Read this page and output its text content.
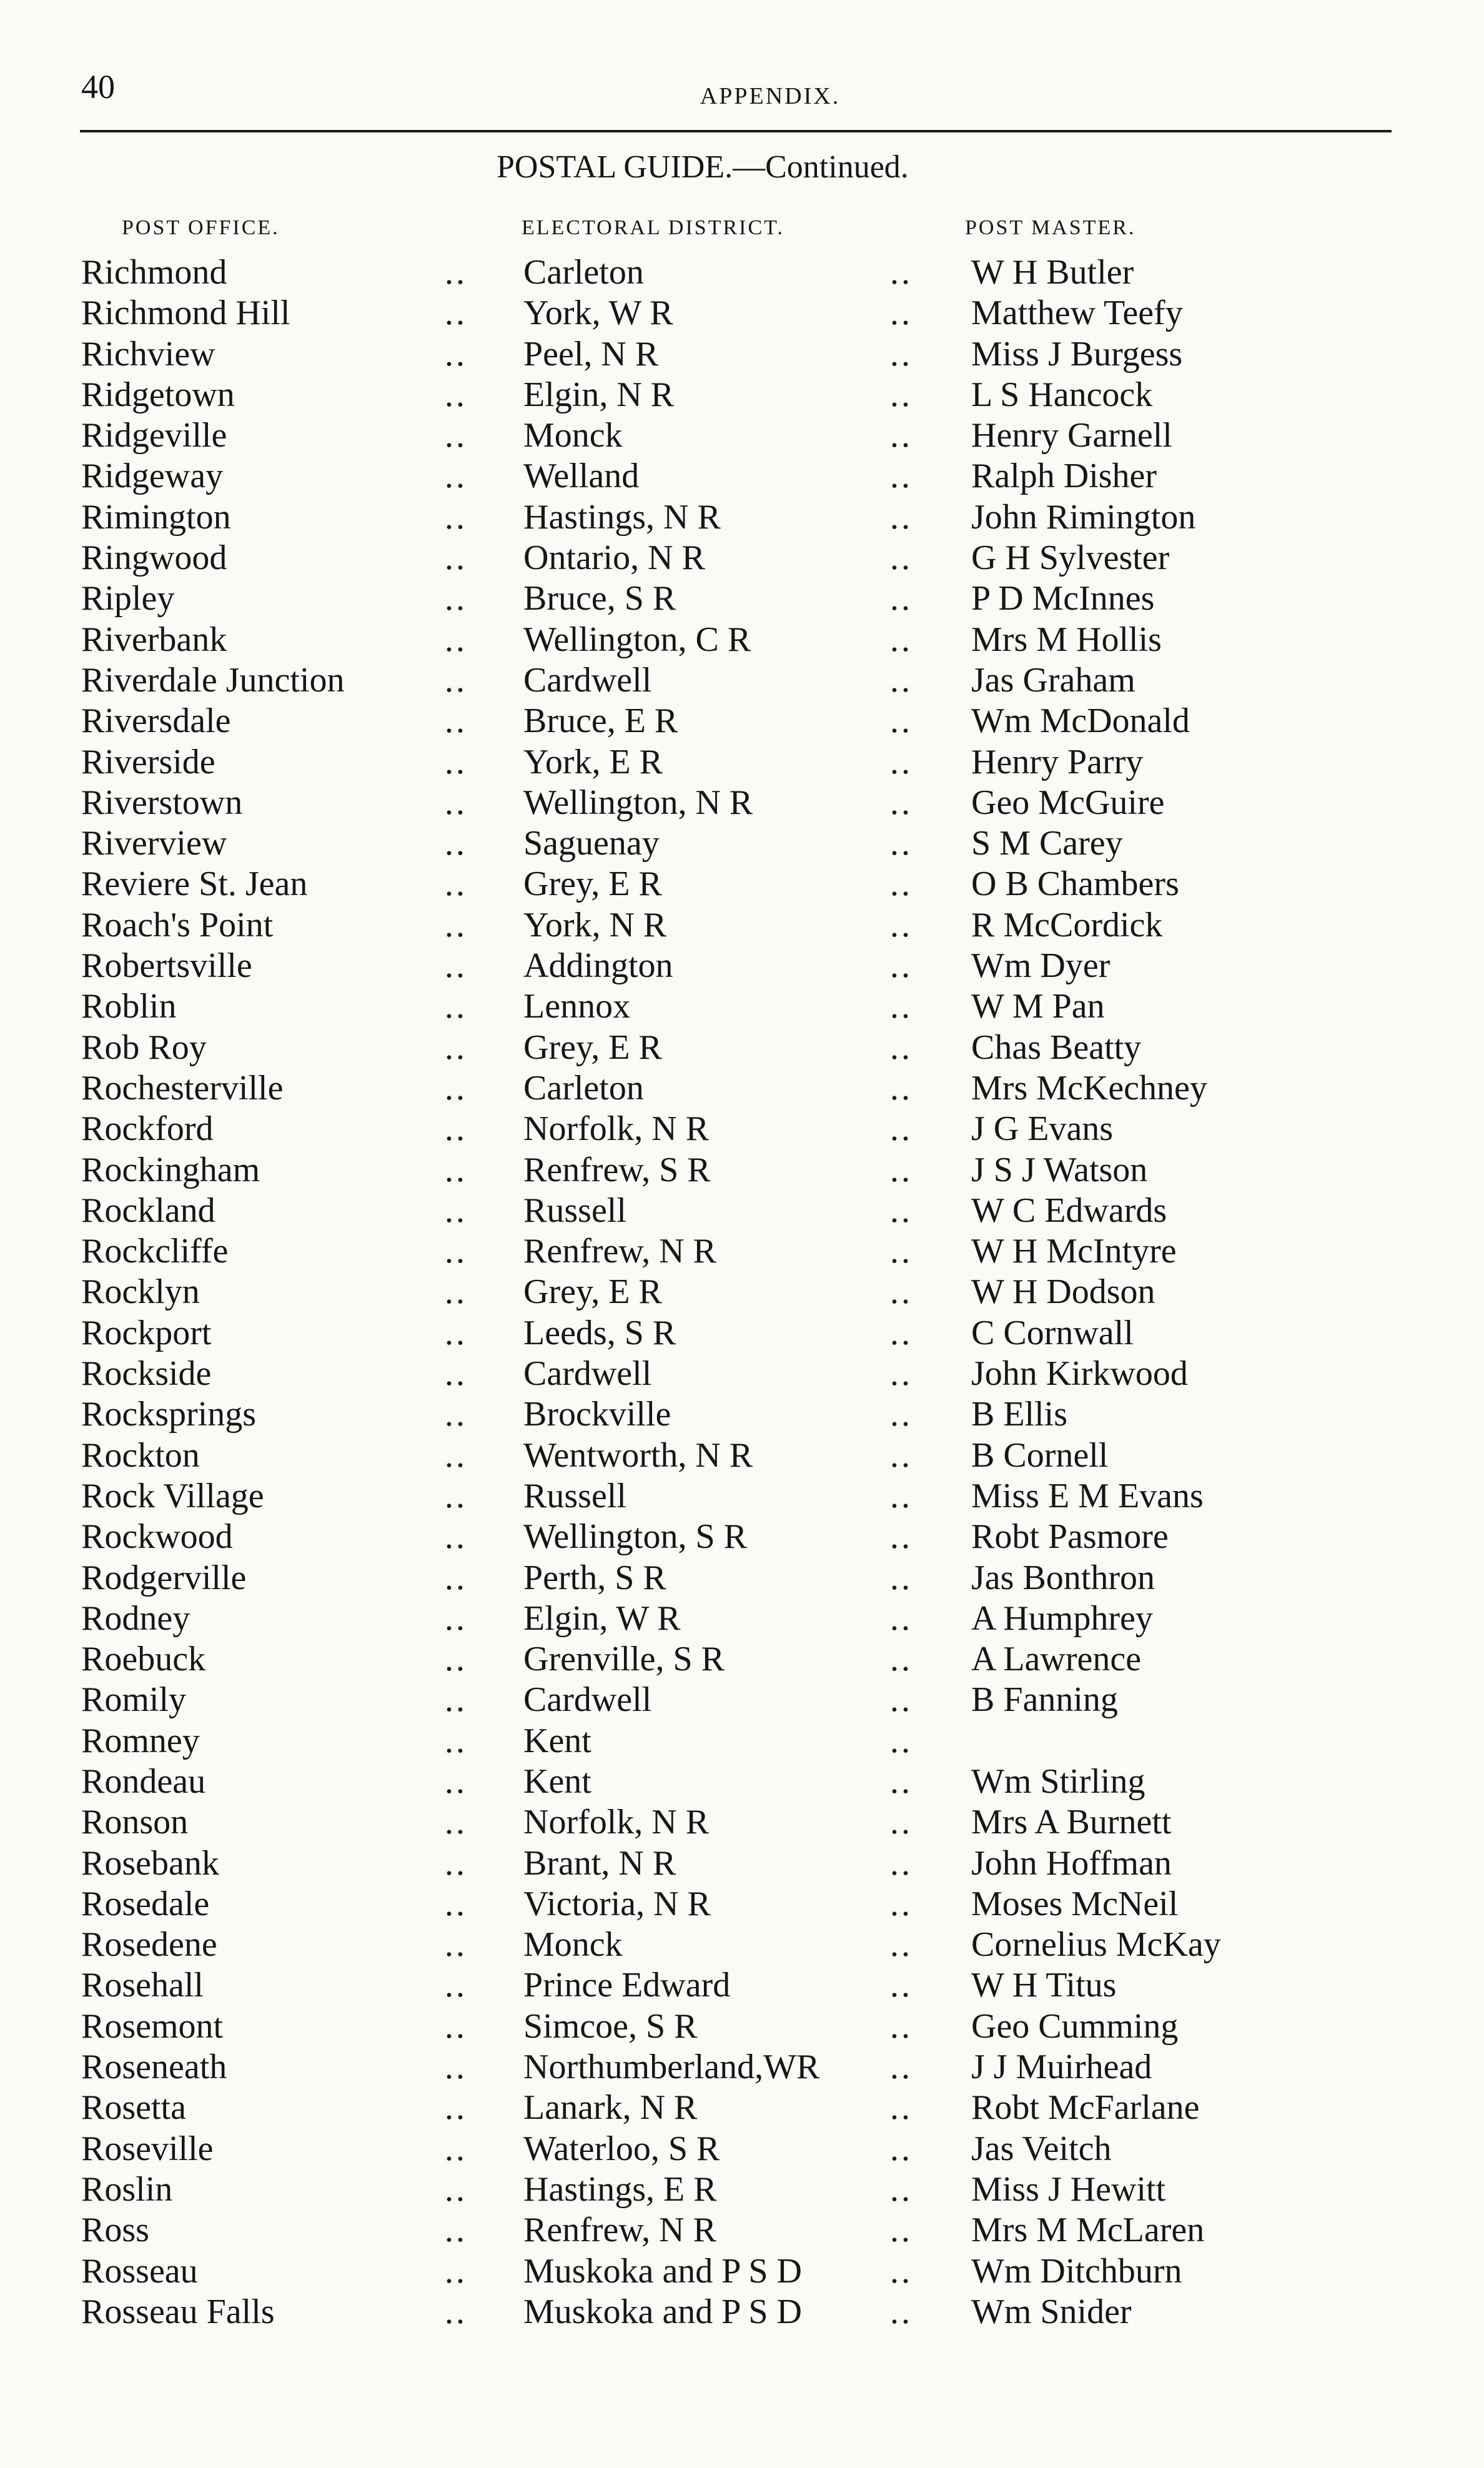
40	APPENDIX.
POSTAL GUIDE.—Continued.
POST OFFICE.	ELECTORAL DISTRICT.	POST MASTER.
Richmond	.. Carleton	.. W H Butler
Richmond Hill	.. York, W R	.. Matthew Teefy
Richview	.. Peel, N R	.. Miss J Burgess
Ridgetown	.. Elgin, N R	.. L S Hancock
Ridgeville	.. Monck	.. Henry Garnell
Ridgeway	.. Welland	.. Ralph Disher
Rimington	.. Hastings, N R	.. John Rimington
Ringwood	.. Ontario, N R	.. G H Sylvester
Ripley	.. Bruce, S R	.. P D McInnes
Riverbank	.. Wellington, C R	.. Mrs M Hollis
Riverdale Junction	.. Cardwell	.. Jas Graham
Riversdale	.. Bruce, E R	.. Wm McDonald
Riverside	.. York, E R	.. Henry Parry
Riverstown	.. Wellington, N R	.. Geo McGuire
Riverview	.. Saguenay	.. S M Carey
Reviere St. Jean	.. Grey, E R	.. O B Chambers
Roach's Point	.. York, N R	.. R McCordick
Robertsville	.. Addington	.. Wm Dyer
Roblin	.. Lennox	.. W M Pan
Rob Roy	.. Grey, E R	.. Chas Beatty
Rochesterville	.. Carleton	.. Mrs McKechney
Rockford	.. Norfolk, N R	.. J G Evans
Rockingham	.. Renfrew, S R	.. J S J Watson
Rockland	.. Russell	.. W C Edwards
Rockcliffe	.. Renfrew, N R	.. W H McIntyre
Rocklyn	.. Grey, E R	.. W H Dodson
Rockport	.. Leeds, S R	.. C Cornwall
Rockside	.. Cardwell	.. John Kirkwood
Rocksprings	.. Brockville	.. B Ellis
Rockton	.. Wentworth, N R	.. B Cornell
Rock Village	.. Russell	.. Miss E M Evans
Rockwood	.. Wellington, S R	.. Robt Pasmore
Rodgerville	.. Perth, S R	.. Jas Bonthron
Rodney	.. Elgin, W R	.. A Humphrey
Roebuck	.. Grenville, S R	.. A Lawrence
Romily	.. Cardwell	.. B Fanning
Romney	.. Kent	..
Rondeau	.. Kent	.. Wm Stirling
Ronson	.. Norfolk, N R	.. Mrs A Burnett
Rosebank	.. Brant, N R	.. John Hoffman
Rosedale	.. Victoria, N R	.. Moses McNeil
Rosedene	.. Monck	.. Cornelius McKay
Rosehall	.. Prince Edward	.. W H Titus
Rosemont	.. Simcoe, S R	.. Geo Cumming
Roseneath	.. Northumberland,WR .. J J Muirhead
Rosetta	.. Lanark, N R	.. Robt McFarlane
Roseville	.. Waterloo, S R	.. Jas Veitch
Roslin	.. Hastings, E R	.. Miss J Hewitt
Ross	.. Renfrew, N R	.. Mrs M McLaren
Rosseau	.. Muskoka and P S D	.. Wm Ditchburn
Rosseau Falls	.. Muskoka and P S D	.. Wm Snider
